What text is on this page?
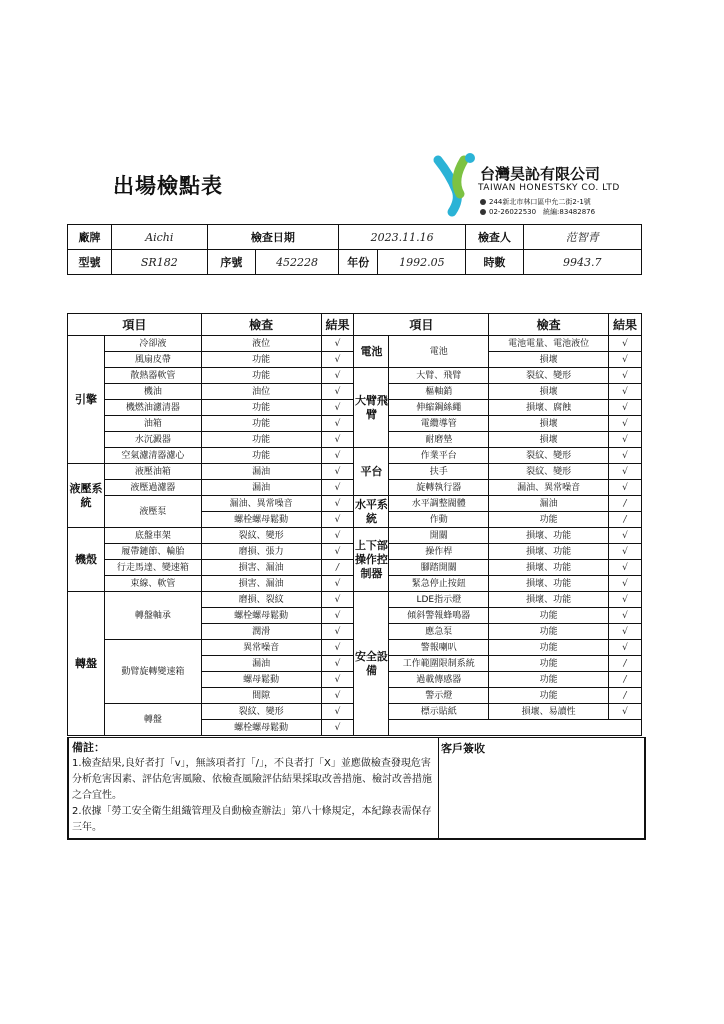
出場檢點表	台灣昊訫有限公司
TAIWAN HONESTSKY CO. LTD
244新北市林口區中允二街2-1號
02-26022530　統編:83482876
廠牌	Aichi	檢查日期		2023.11.16		檢查人	范智青
型號	SR182	序號	452228	年份	1992.05	時數	9943.7
項目		檢查	結果	項目		檢查	結果
引擎	冷卻液	液位	√	電池	電池	電池電量、電池液位	√
	風扇皮帶	功能	√			損壞	√
	散熱器軟管	功能	√	大臂飛臂	大臂、飛臂	裂紋、變形	√
	機油	油位	√		樞軸銷	損壞	√
	機燃油濾清器	功能	√		伸縮鋼絲繩	損壞、腐蝕	√
	油箱	功能	√		電纜導管	損壞	√
	水沉澱器	功能	√		耐磨墊	損壞	√
	空氣濾清器濾心	功能	√	平台	作業平台	裂紋、變形	√
液壓系統	液壓油箱	漏油	√		扶手	裂紋、變形	√
	液壓過濾器	漏油	√		旋轉執行器	漏油、異常噪音	√
	液壓泵	漏油、異常噪音	√	水平系統	水平調整閥體	漏油	/
		螺栓螺母鬆動	√		作動	功能	/
機殼	底盤車架	裂紋、變形	√	上下部操作控制器	開關	損壞、功能	√
	履帶鏈節、輪胎	磨損、張力	√		操作桿	損壞、功能	√
	行走馬達、變速箱	損害、漏油	/		腳踏開關	損壞、功能	√
	束線、軟管	損害、漏油	√		緊急停止按鈕	損壞、功能	√
轉盤	轉盤軸承	磨損、裂紋	√	安全設備	LDE指示燈	損壞、功能	√
		螺栓螺母鬆動	√		傾斜警報蜂鳴器	功能	√
		潤滑	√		應急泵	功能	√
	動臂旋轉變速箱	異常噪音	√		警報喇叭	功能	√
		漏油	√		工作範圍限制系統	功能	/
		螺母鬆動	√		過載傳感器	功能	/
		間隙	√		警示燈	功能	/
	轉盤	裂紋、變形	√		標示貼紙	損壞、易讀性	√
		螺栓螺母鬆動	√				
備註：
1.檢查結果,良好者打「v」，無該項者打「/」，不良者打「X」並應做檢查發現危害分析危害因素、評估危害風險、依檢查風險評估結果採取改善措施、檢討改善措施之合宜性。
2.依據「勞工安全衛生組織管理及自動檢查辦法」第八十條規定，本紀錄表需保存三年。
客戶簽收
